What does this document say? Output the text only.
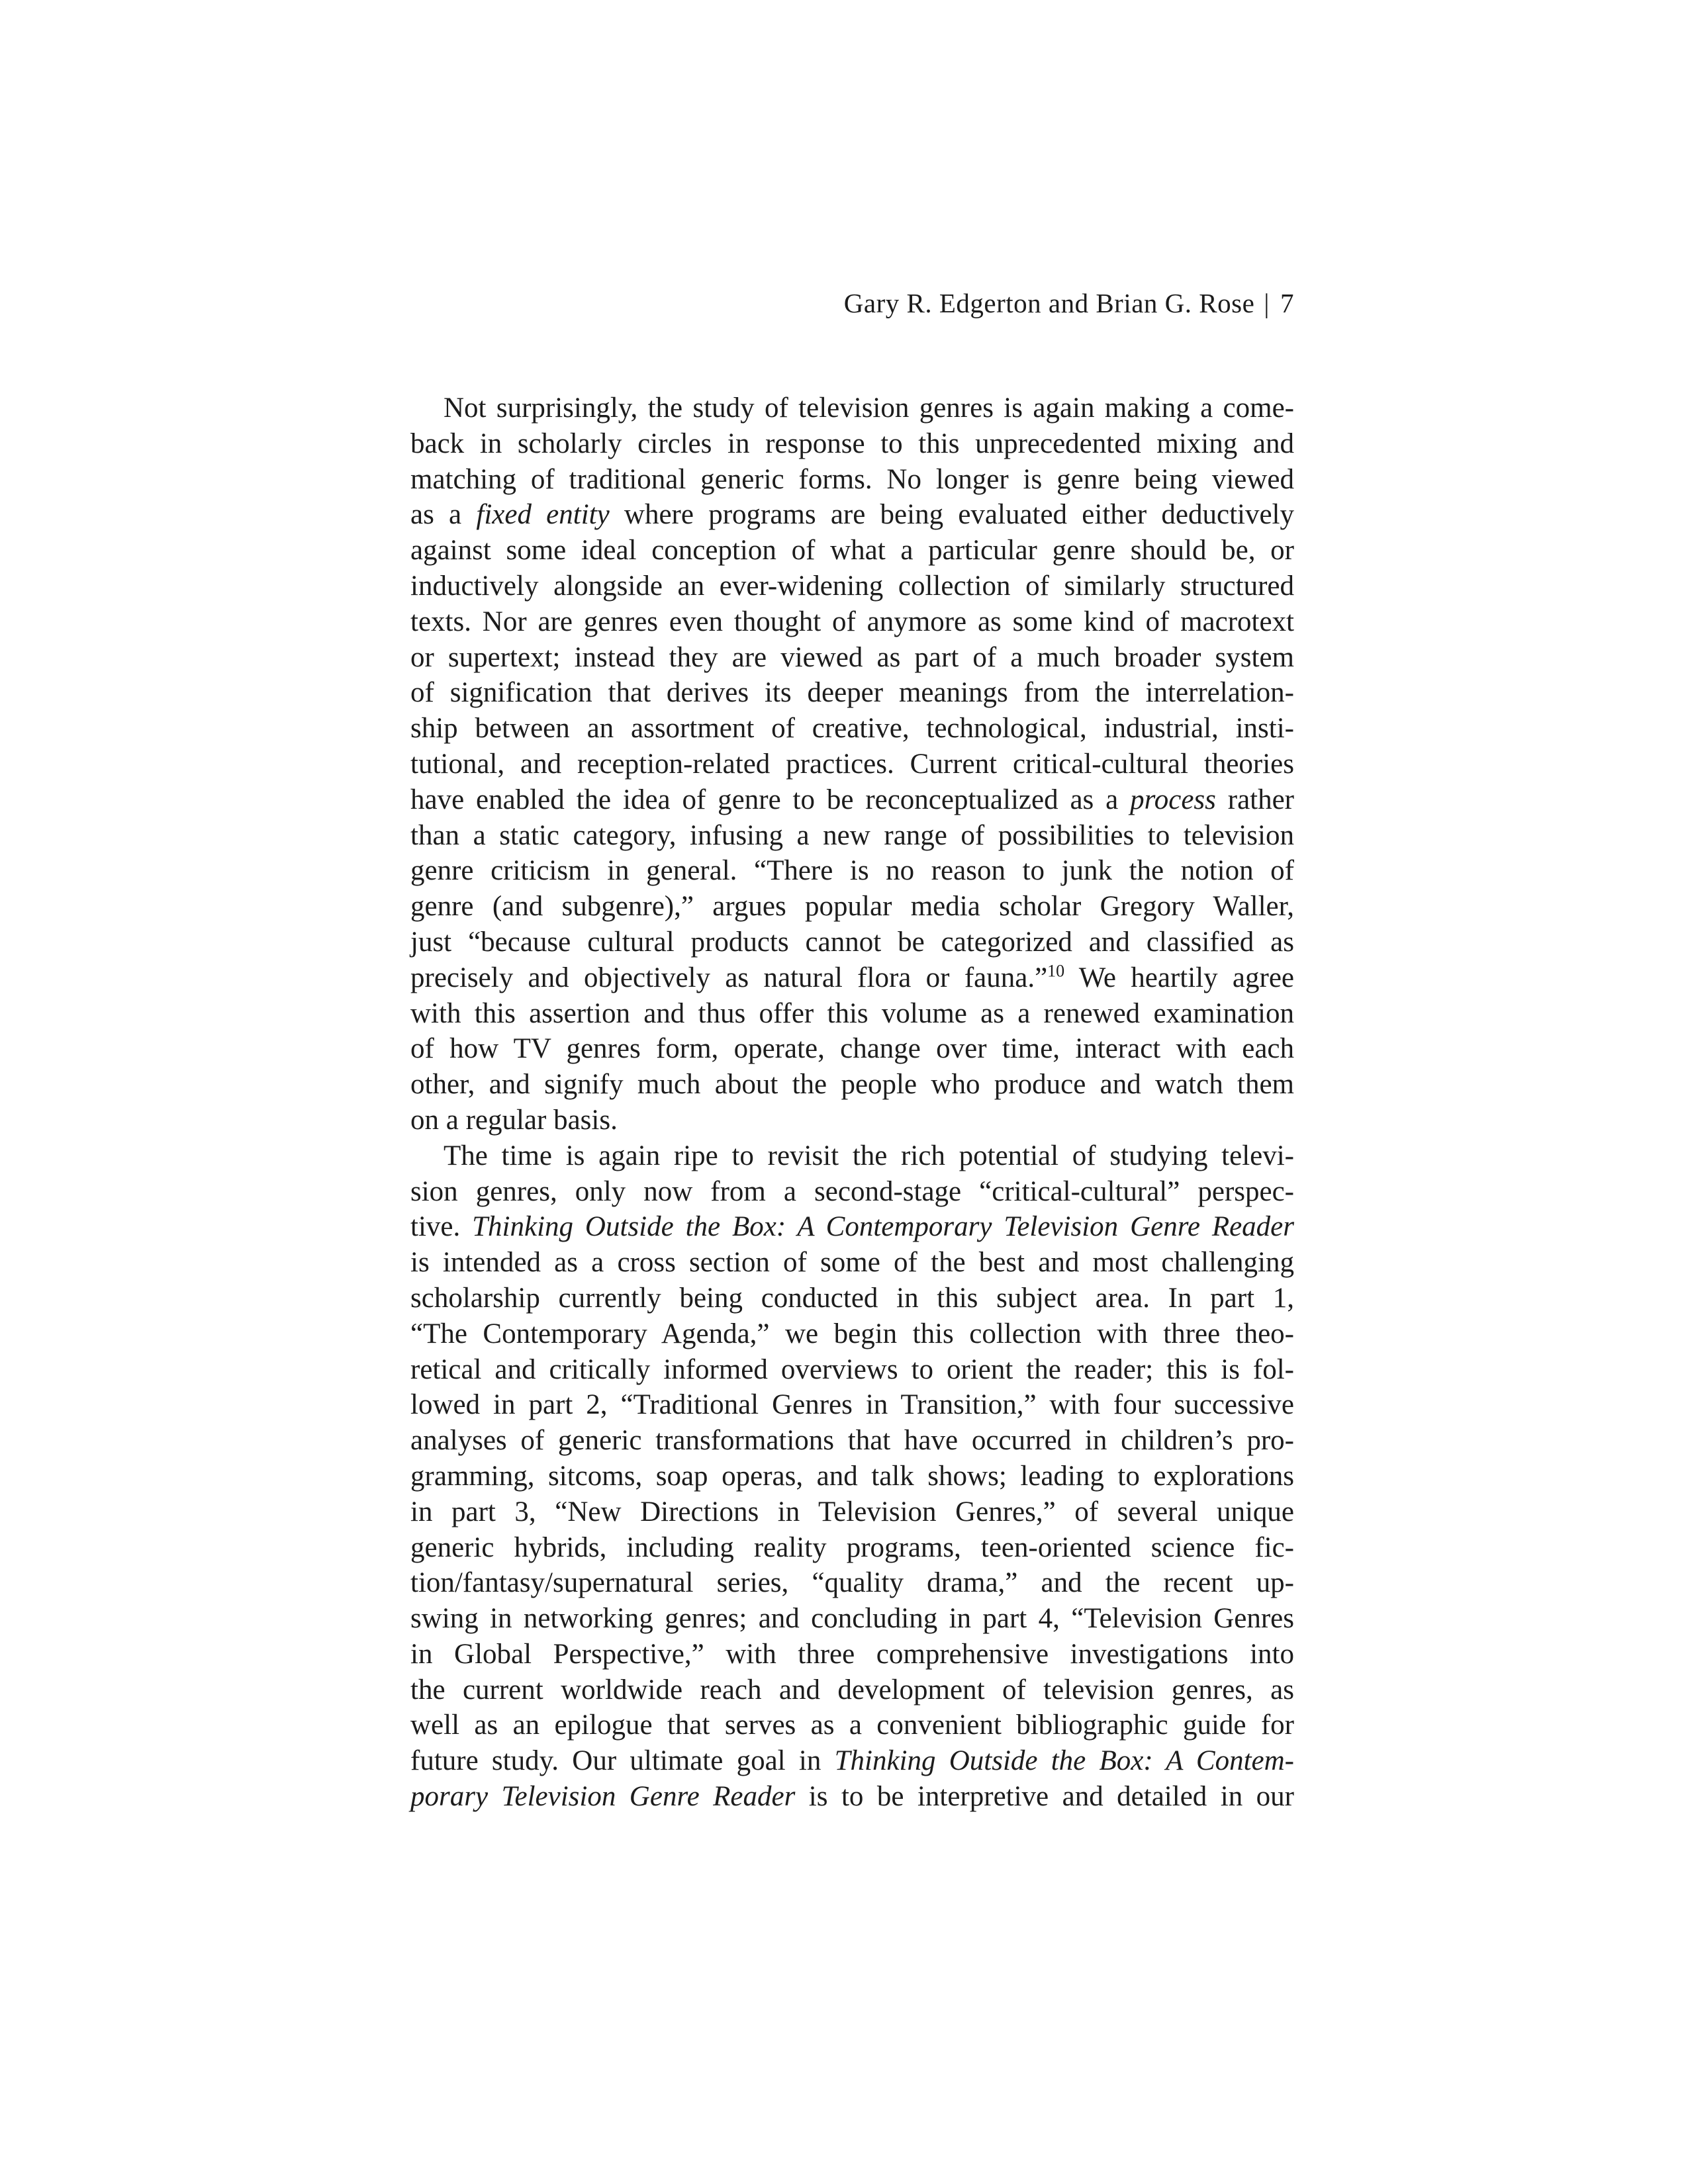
Gary R. Edgerton and Brian G. Rose | 7
Not surprisingly, the study of television genres is again making a come-
back in scholarly circles in response to this unprecedented mixing and
matching of traditional generic forms. No longer is genre being viewed
as a fixed entity where programs are being evaluated either deductively
against some ideal conception of what a particular genre should be, or
inductively alongside an ever-widening collection of similarly structured
texts. Nor are genres even thought of anymore as some kind of macrotext
or supertext; instead they are viewed as part of a much broader system
of signification that derives its deeper meanings from the interrelation-
ship between an assortment of creative, technological, industrial, insti-
tutional, and reception-related practices. Current critical-cultural theories
have enabled the idea of genre to be reconceptualized as a process rather
than a static category, infusing a new range of possibilities to television
genre criticism in general. “There is no reason to junk the notion of
genre (and subgenre),” argues popular media scholar Gregory Waller,
just “because cultural products cannot be categorized and classified as
precisely and objectively as natural flora or fauna.”$^{10}$ We heartily agree
with this assertion and thus offer this volume as a renewed examination
of how TV genres form, operate, change over time, interact with each
other, and signify much about the people who produce and watch them
on a regular basis.
The time is again ripe to revisit the rich potential of studying televi-
sion genres, only now from a second-stage “critical-cultural” perspec-
tive. Thinking Outside the Box: A Contemporary Television Genre Reader
is intended as a cross section of some of the best and most challenging
scholarship currently being conducted in this subject area. In part 1,
“The Contemporary Agenda,” we begin this collection with three theo-
retical and critically informed overviews to orient the reader; this is fol-
lowed in part 2, “Traditional Genres in Transition,” with four successive
analyses of generic transformations that have occurred in children’s pro-
gramming, sitcoms, soap operas, and talk shows; leading to explorations
in part 3, “New Directions in Television Genres,” of several unique
generic hybrids, including reality programs, teen-oriented science fic-
tion/fantasy/supernatural series, “quality drama,” and the recent up-
swing in networking genres; and concluding in part 4, “Television Genres
in Global Perspective,” with three comprehensive investigations into
the current worldwide reach and development of television genres, as
well as an epilogue that serves as a convenient bibliographic guide for
future study. Our ultimate goal in Thinking Outside the Box: A Contem-
porary Television Genre Reader is to be interpretive and detailed in our
